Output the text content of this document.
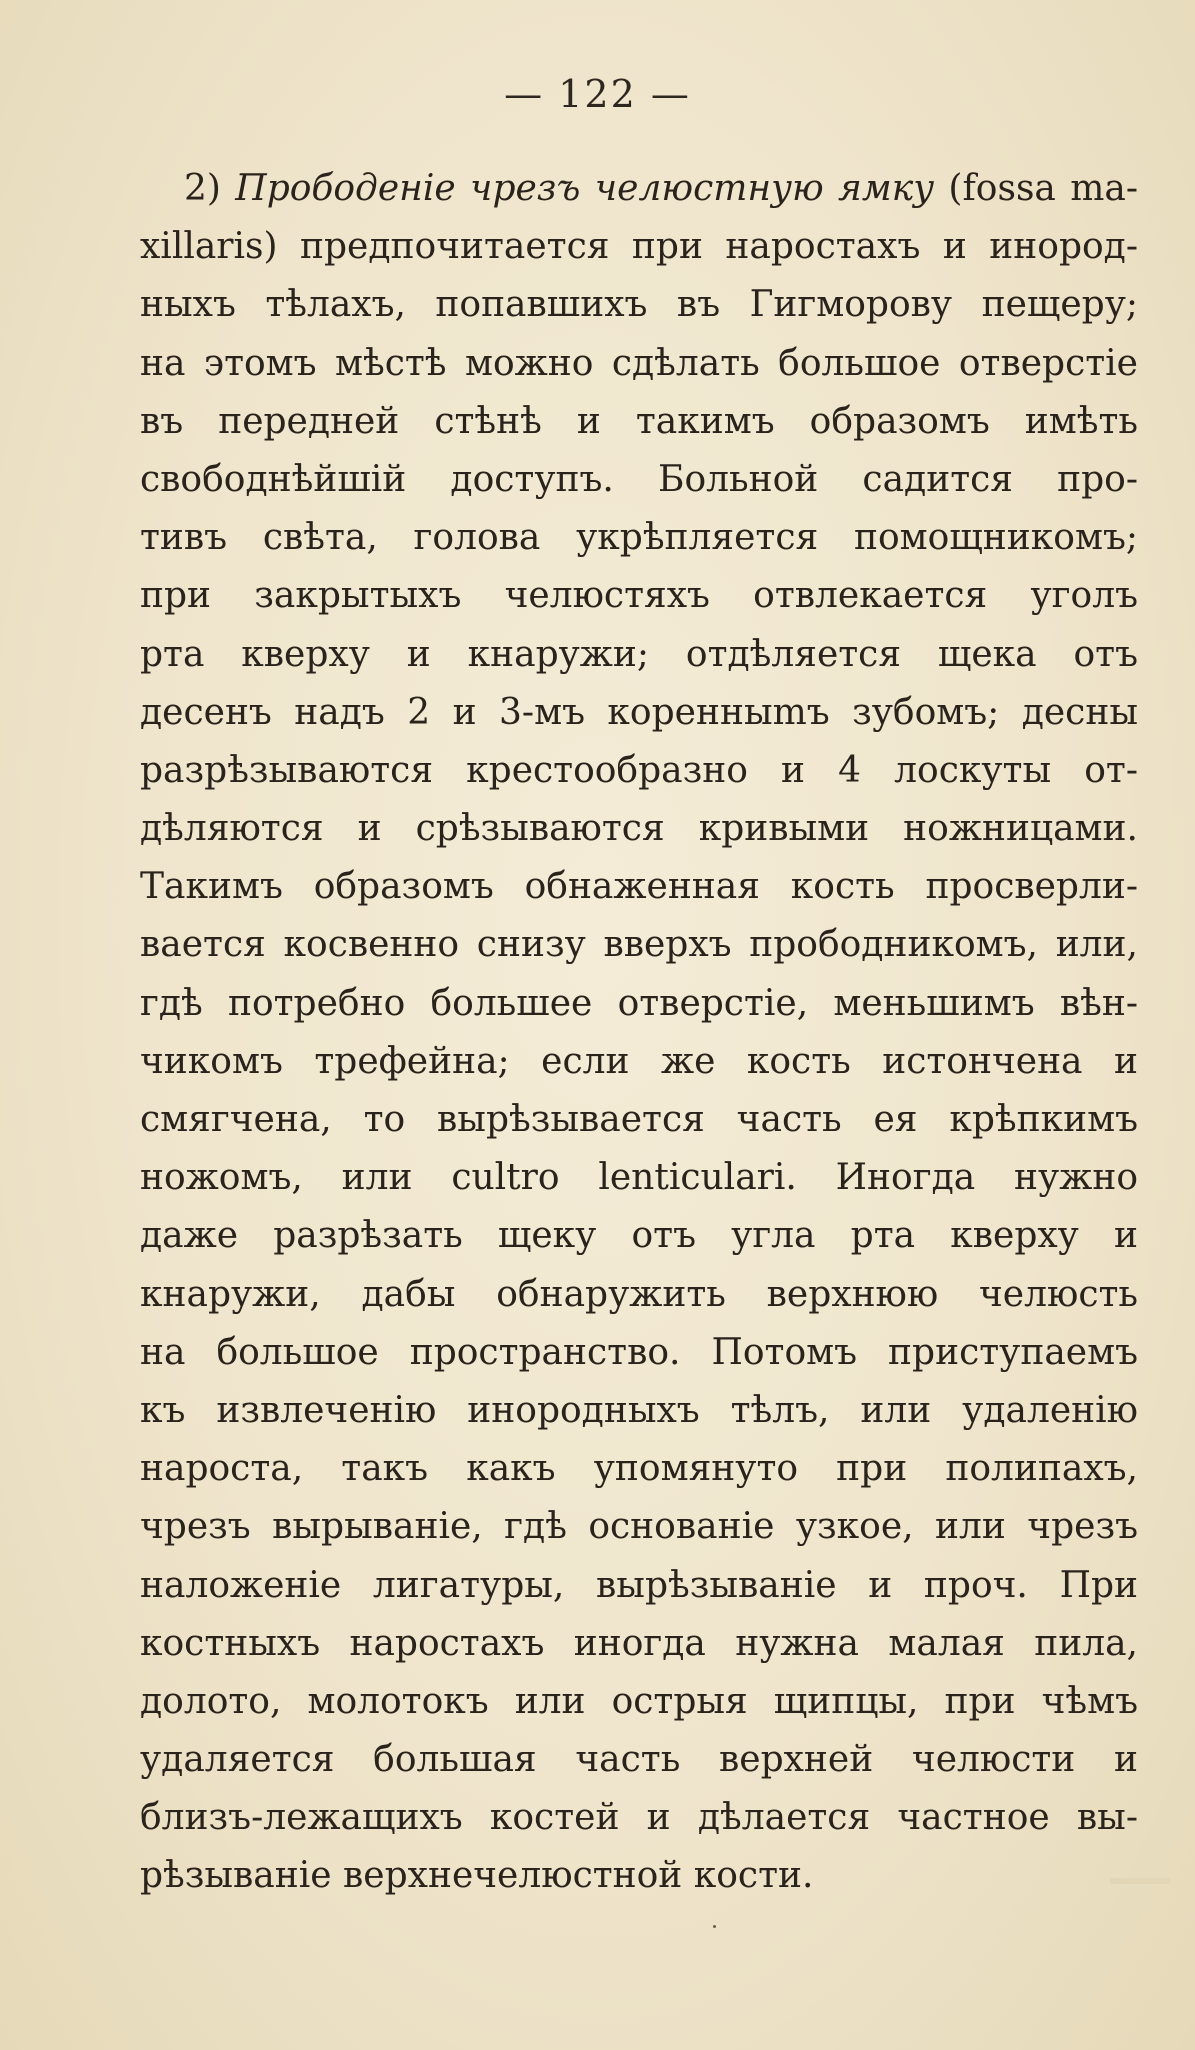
— 122 —
2) Прободеніе чрезъ челюстную ямку (fossa ma-
xillaris) предпочитается при наростахъ и инород-
ныхъ тѣлахъ, попавшихъ въ Гигморову пещеру;
на этомъ мѣстѣ можно сдѣлать большое отверстіе
въ передней стѣнѣ и такимъ образомъ имѣть
свободнѣйшій доступъ. Больной садится про-
тивъ свѣта, голова укрѣпляется помощникомъ;
при закрытыхъ челюстяхъ отвлекается уголъ
рта кверху и кнаружи; отдѣляется щека отъ
десенъ надъ 2 и 3-мъ коренныmъ зубомъ; десны
разрѣзываются крестообразно и 4 лоскуты от-
дѣляются и срѣзываются кривыми ножницами.
Такимъ образомъ обнаженная кость просверли-
вается косвенно снизу вверхъ прободникомъ, или,
гдѣ потребно большее отверстіе, меньшимъ вѣн-
чикомъ трефейна; если же кость истончена и
смягчена, то вырѣзывается часть ея крѣпкимъ
ножомъ, или cultro lenticulari. Иногда нужно
даже разрѣзать щеку отъ угла рта кверху и
кнаружи, дабы обнаружить верхнюю челюсть
на большое пространство. Потомъ приступаемъ
къ извлеченію инородныхъ тѣлъ, или удаленію
нароста, такъ какъ упомянуто при полипахъ,
чрезъ вырываніе, гдѣ основаніе узкое, или чрезъ
наложеніе лигатуры, вырѣзываніе и проч. При
костныхъ наростахъ иногда нужна малая пила,
долото, молотокъ или острыя щипцы, при чѣмъ
удаляется большая часть верхней челюсти и
близъ-лежащихъ костей и дѣлается частное вы-
рѣзываніе верхнечелюстной кости.
